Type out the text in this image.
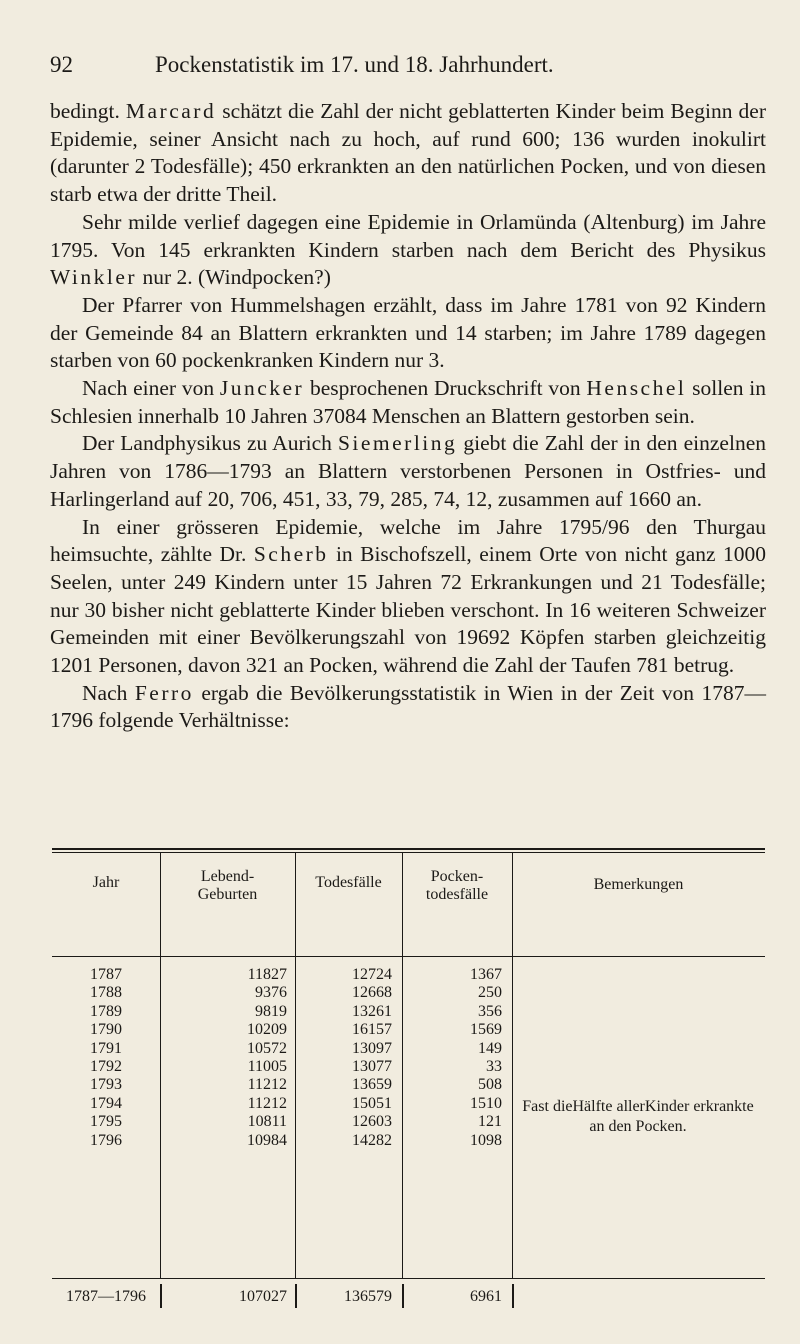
92	Pockenstatistik im 17. und 18. Jahrhundert.

bedingt. Marcard schätzt die Zahl der nicht geblatterten Kinder beim Beginn der Epidemie, seiner Ansicht nach zu hoch, auf rund 600; 136 wurden inokulirt (darunter 2 Todesfälle); 450 erkrankten an den natürlichen Pocken, und von diesen starb etwa der dritte Theil.

Sehr milde verlief dagegen eine Epidemie in Orlamünda (Altenburg) im Jahre 1795. Von 145 erkrankten Kindern starben nach dem Bericht des Physikus Winkler nur 2. (Windpocken?)

Der Pfarrer von Hummelshagen erzählt, dass im Jahre 1781 von 92 Kindern der Gemeinde 84 an Blattern erkrankten und 14 starben; im Jahre 1789 dagegen starben von 60 pockenkranken Kindern nur 3.

Nach einer von Juncker besprochenen Druckschrift von Henschel sollen in Schlesien innerhalb 10 Jahren 37084 Menschen an Blattern gestorben sein.

Der Landphysikus zu Aurich Siemerling giebt die Zahl der in den einzelnen Jahren von 1786—1793 an Blattern verstorbenen Personen in Ostfries- und Harlingerland auf 20, 706, 451, 33, 79, 285, 74, 12, zusammen auf 1660 an.

In einer grösseren Epidemie, welche im Jahre 1795/96 den Thurgau heimsuchte, zählte Dr. Scherb in Bischofszell, einem Orte von nicht ganz 1000 Seelen, unter 249 Kindern unter 15 Jahren 72 Erkrankungen und 21 Todesfälle; nur 30 bisher nicht geblatterte Kinder blieben verschont. In 16 weiteren Schweizer Gemeinden mit einer Bevölkerungszahl von 19692 Köpfen starben gleichzeitig 1201 Personen, davon 321 an Pocken, während die Zahl der Taufen 781 betrug.

Nach Ferro ergab die Bevölkerungsstatistik in Wien in der Zeit von 1787—1796 folgende Verhältnisse:

Jahr	Lebend-
Geburten
Todesfälle	Pocken-
todesfälle
Bemerkungen
1787	11827	12724	1367
1788	9376	12668	250
1789	9819	13261	356
1790	10209	16157	1569
1791	10572	13097	149
1792	11005	13077	33
1793	11212	13659	508
1794	11212	15051	1510
1795	10811	12603	121
1796	10984	14282	1098
Fast dieHälfte allerKinder erkrankte an den Pocken.
1787—1796	107027	136579	6961
